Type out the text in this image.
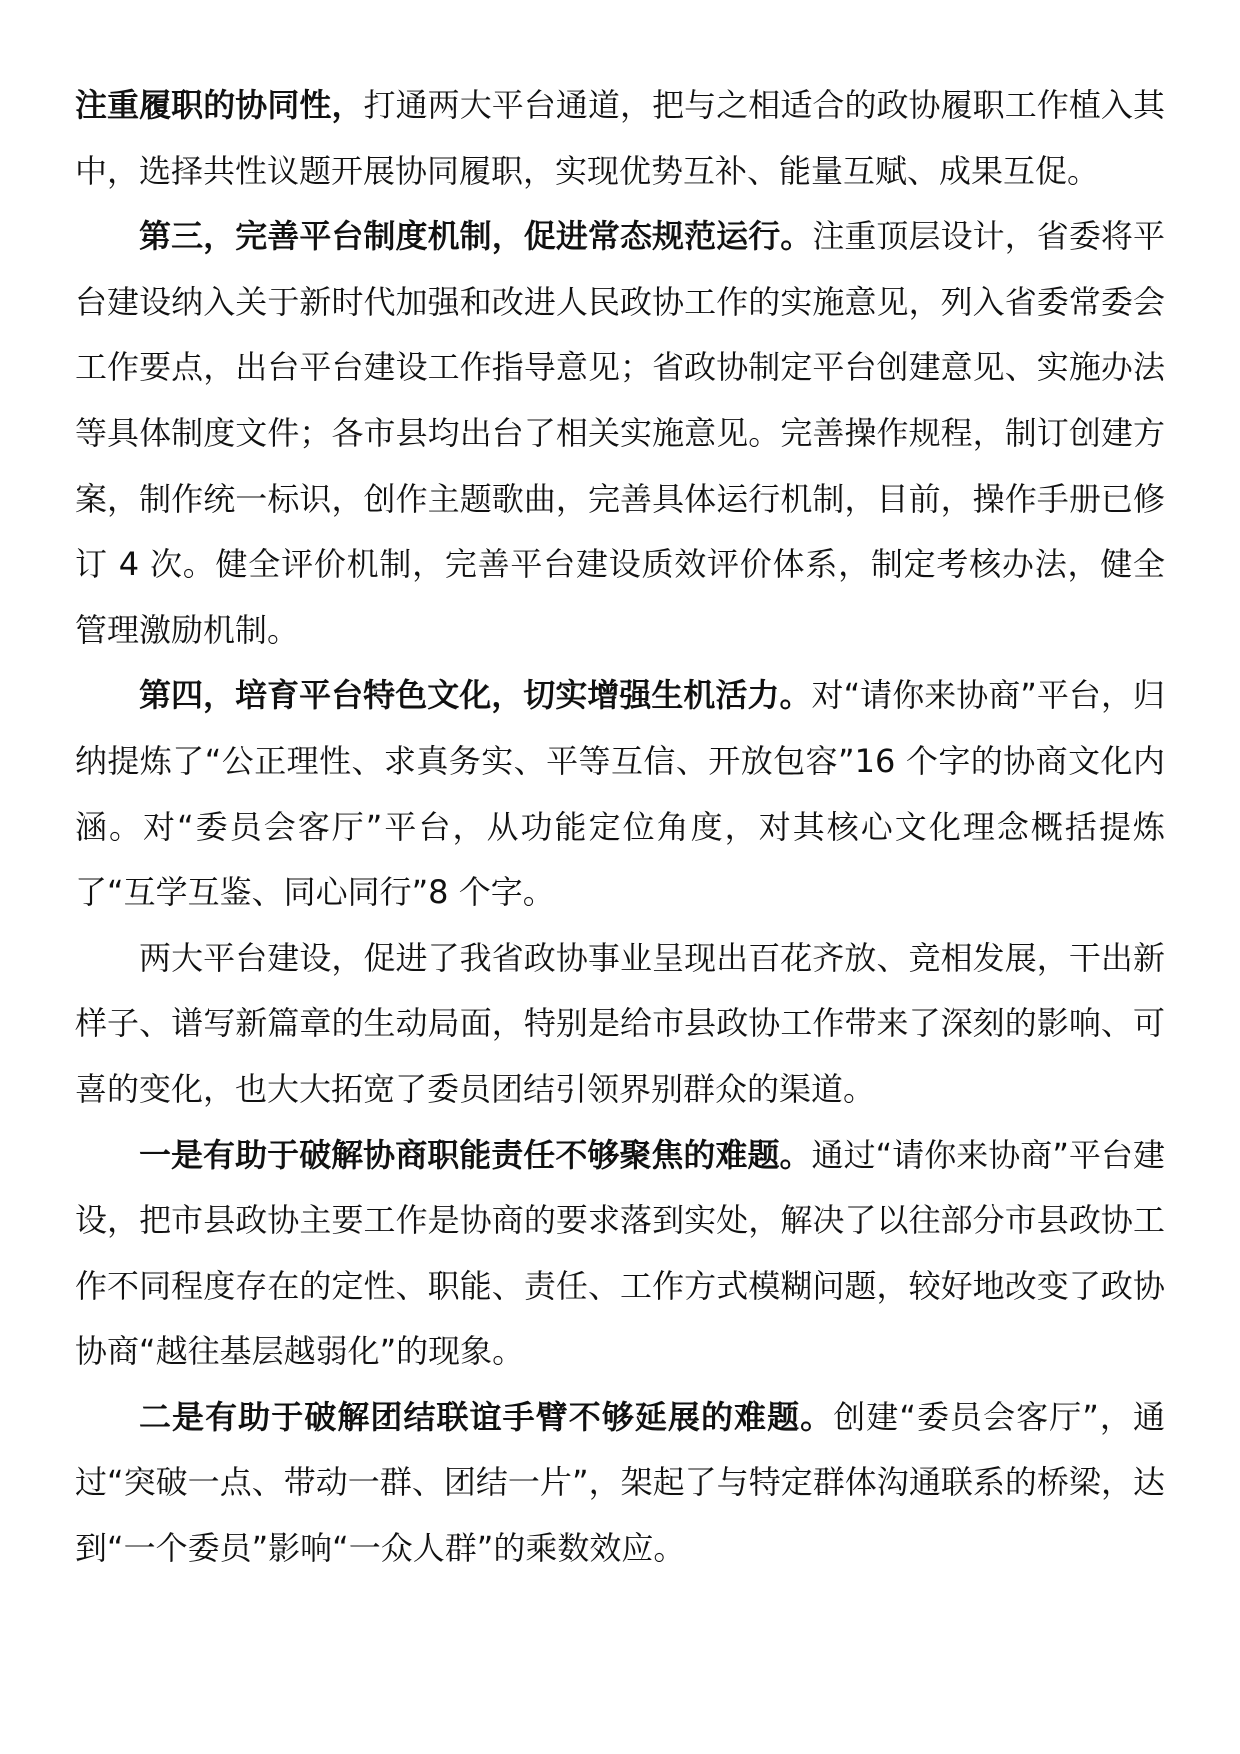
注重履职的协同性，打通两大平台通道，把与之相适合的政协履职工作植入其中，选择共性议题开展协同履职，实现优势互补、能量互赋、成果互促。

第三，完善平台制度机制，促进常态规范运行。注重顶层设计，省委将平台建设纳入关于新时代加强和改进人民政协工作的实施意见，列入省委常委会工作要点，出台平台建设工作指导意见；省政协制定平台创建意见、实施办法等具体制度文件；各市县均出台了相关实施意见。完善操作规程，制订创建方案，制作统一标识，创作主题歌曲，完善具体运行机制，目前，操作手册已修订 4 次。健全评价机制，完善平台建设质效评价体系，制定考核办法，健全管理激励机制。

第四，培育平台特色文化，切实增强生机活力。对“请你来协商”平台，归纳提炼了“公正理性、求真务实、平等互信、开放包容”16 个字的协商文化内涵。对“委员会客厅”平台，从功能定位角度，对其核心文化理念概括提炼了“互学互鉴、同心同行”8 个字。

两大平台建设，促进了我省政协事业呈现出百花齐放、竞相发展，干出新样子、谱写新篇章的生动局面，特别是给市县政协工作带来了深刻的影响、可喜的变化，也大大拓宽了委员团结引领界别群众的渠道。

一是有助于破解协商职能责任不够聚焦的难题。通过“请你来协商”平台建设，把市县政协主要工作是协商的要求落到实处，解决了以往部分市县政协工作不同程度存在的定性、职能、责任、工作方式模糊问题，较好地改变了政协协商“越往基层越弱化”的现象。

二是有助于破解团结联谊手臂不够延展的难题。创建“委员会客厅”，通过“突破一点、带动一群、团结一片”，架起了与特定群体沟通联系的桥梁，达到“一个委员”影响“一众人群”的乘数效应。
